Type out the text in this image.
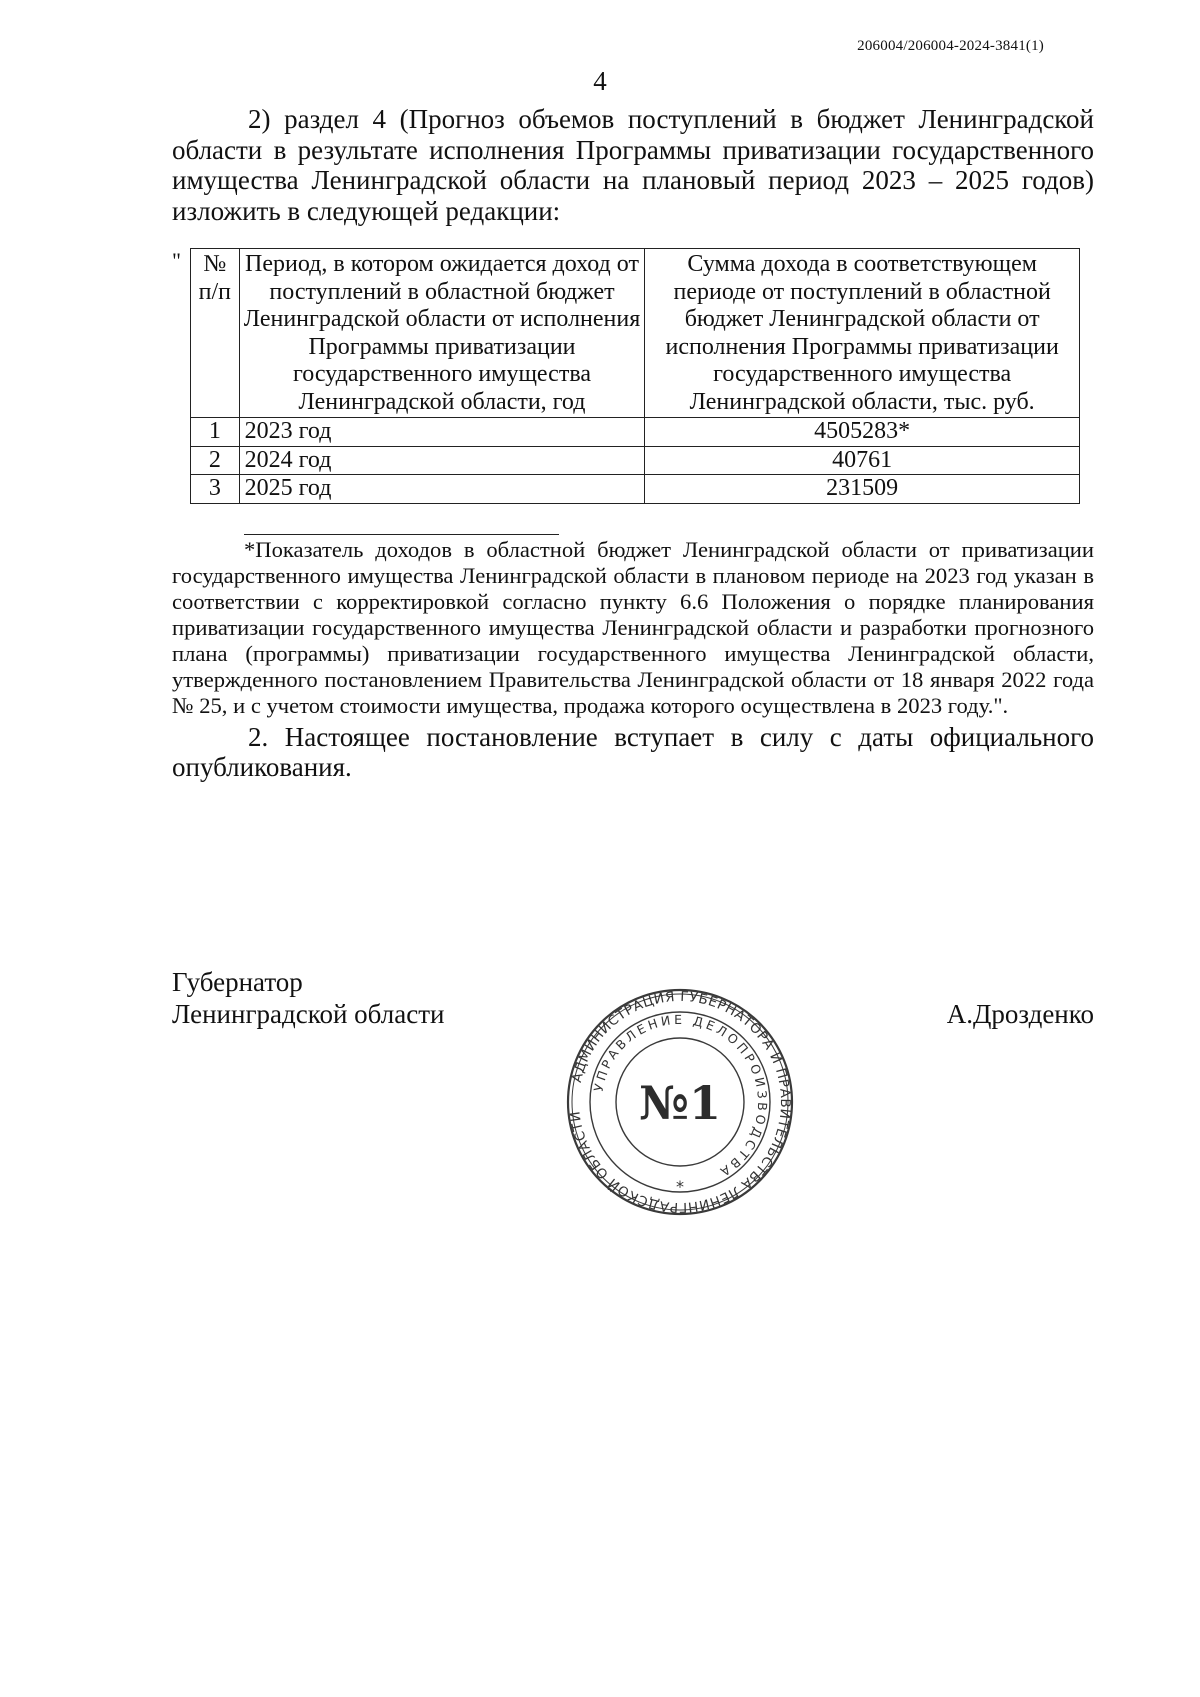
206004/206004-2024-3841(1)
4

2) раздел 4 (Прогноз объемов поступлений в бюджет Ленинградской области в результате исполнения Программы приватизации государственного имущества Ленинградской области на плановый период 2023 – 2025 годов) изложить в следующей редакции:

" № п/п	Период, в котором ожидается доход от поступлений в областной бюджет Ленинградской области от исполнения Программы приватизации государственного имущества Ленинградской области, год	Сумма дохода в соответствующем периоде от поступлений в областной бюджет Ленинградской области от исполнения Программы приватизации государственного имущества Ленинградской области, тыс. руб.
1	2023 год	4505283*
2	2024 год	40761
3	2025 год	231509

*Показатель доходов в областной бюджет Ленинградской области от приватизации государственного имущества Ленинградской области в плановом периоде на 2023 год указан в соответствии с корректировкой согласно пункту 6.6 Положения о порядке планирования приватизации государственного имущества Ленинградской области и разработки прогнозного плана (программы) приватизации государственного имущества Ленинградской области, утвержденного постановлением Правительства Ленинградской области от 18 января 2022 года № 25, и с учетом стоимости имущества, продажа которого осуществлена в 2023 году.".

2. Настоящее постановление вступает в силу с даты официального опубликования.

Губернатор
Ленинградской области	А.Дрозденко
АДМИНИСТРАЦИЯ ГУБЕРНАТОРА И ПРАВИТЕЛЬСТВА ЛЕНИНГРАДСКОЙ ОБЛАСТИ
УПРАВЛЕНИЕ ДЕЛОПРОИЗВОДСТВА
№1
*
